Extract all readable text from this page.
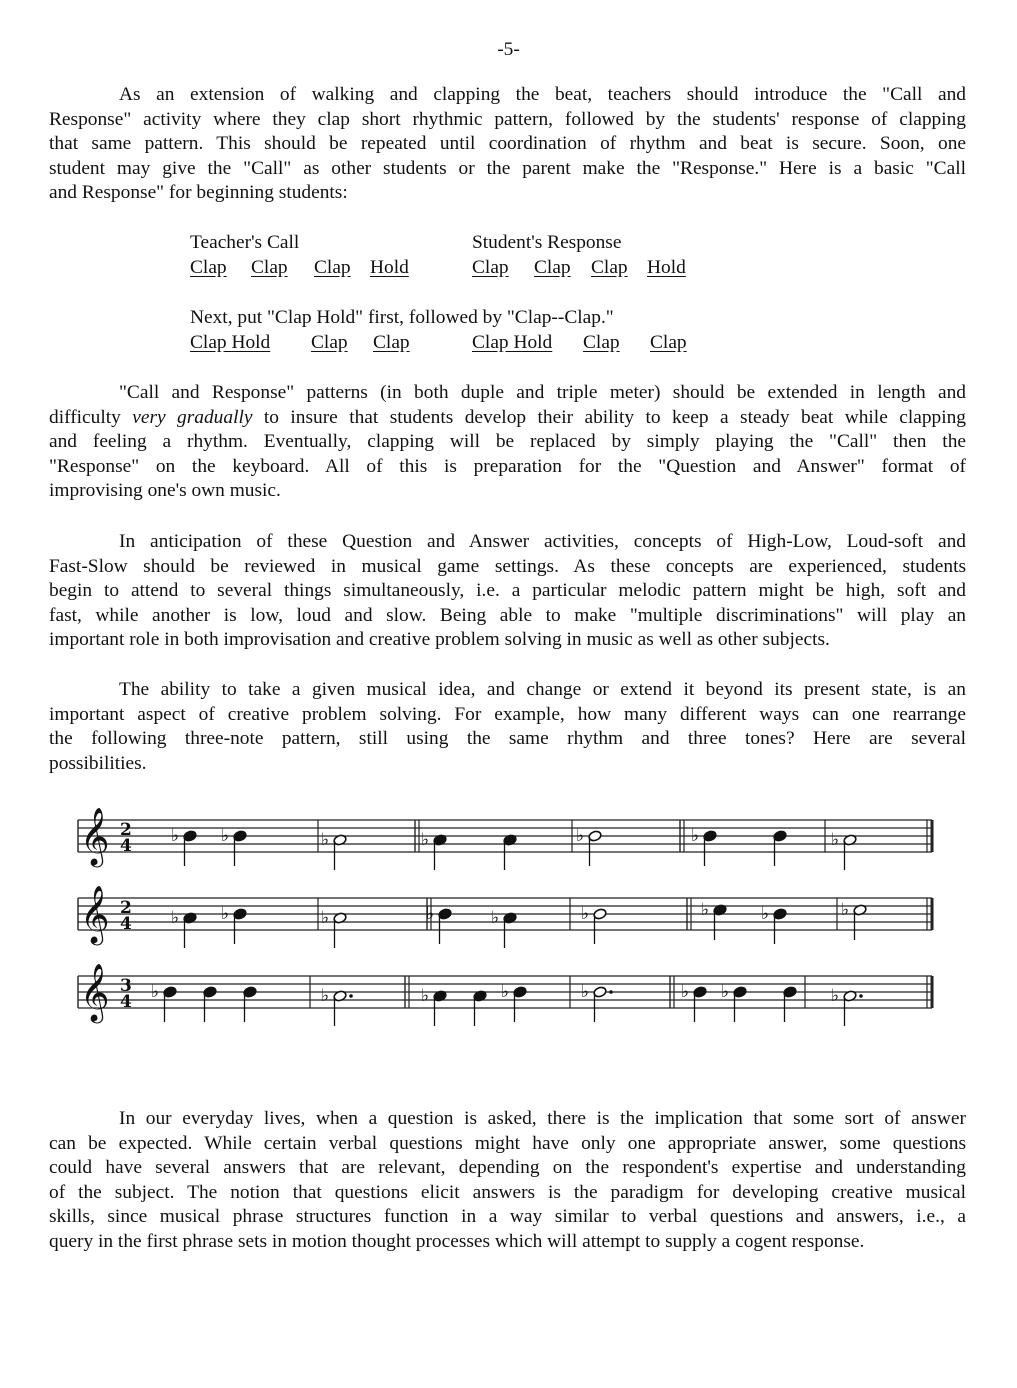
-5-
As an extension of walking and clapping the beat, teachers should introduce the "Call and
Response" activity where they clap short rhythmic pattern, followed by the students' response of clapping
that same pattern. This should be repeated until coordination of rhythm and beat is secure. Soon, one
student may give the "Call" as other students or the parent make the "Response." Here is a basic "Call
and Response" for beginning students:
Teacher's Call	Student's Response
Clap Clap Clap Hold	Clap Clap Clap Hold
Next, put "Clap Hold" first, followed by "Clap--Clap."
Clap Hold Clap Clap	Clap Hold Clap Clap
"Call and Response" patterns (in both duple and triple meter) should be extended in length and
difficulty very gradually to insure that students develop their ability to keep a steady beat while clapping
and feeling a rhythm. Eventually, clapping will be replaced by simply playing the "Call" then the
"Response" on the keyboard. All of this is preparation for the "Question and Answer" format of
improvising one's own music.
In anticipation of these Question and Answer activities, concepts of High-Low, Loud-soft and
Fast-Slow should be reviewed in musical game settings. As these concepts are experienced, students
begin to attend to several things simultaneously, i.e. a particular melodic pattern might be high, soft and
fast, while another is low, loud and slow. Being able to make "multiple discriminations" will play an
important role in both improvisation and creative problem solving in music as well as other subjects.
The ability to take a given musical idea, and change or extend it beyond its present state, is an
important aspect of creative problem solving. For example, how many different ways can one rearrange
the following three-note pattern, still using the same rhythm and three tones? Here are several
possibilities.
𝄞 2
4 ♭ ♭	♭	♭	♭	♭	♭
𝄞 2
4 ♭ ♭	♭	♭	♭	♭	♭	♭	♭
𝄞 3
4 ♭	♭	♭	♭	♭	♭ ♭	♭
In our everyday lives, when a question is asked, there is the implication that some sort of answer
can be expected. While certain verbal questions might have only one appropriate answer, some questions
could have several answers that are relevant, depending on the respondent's expertise and understanding
of the subject. The notion that questions elicit answers is the paradigm for developing creative musical
skills, since musical phrase structures function in a way similar to verbal questions and answers, i.e., a
query in the first phrase sets in motion thought processes which will attempt to supply a cogent response.
